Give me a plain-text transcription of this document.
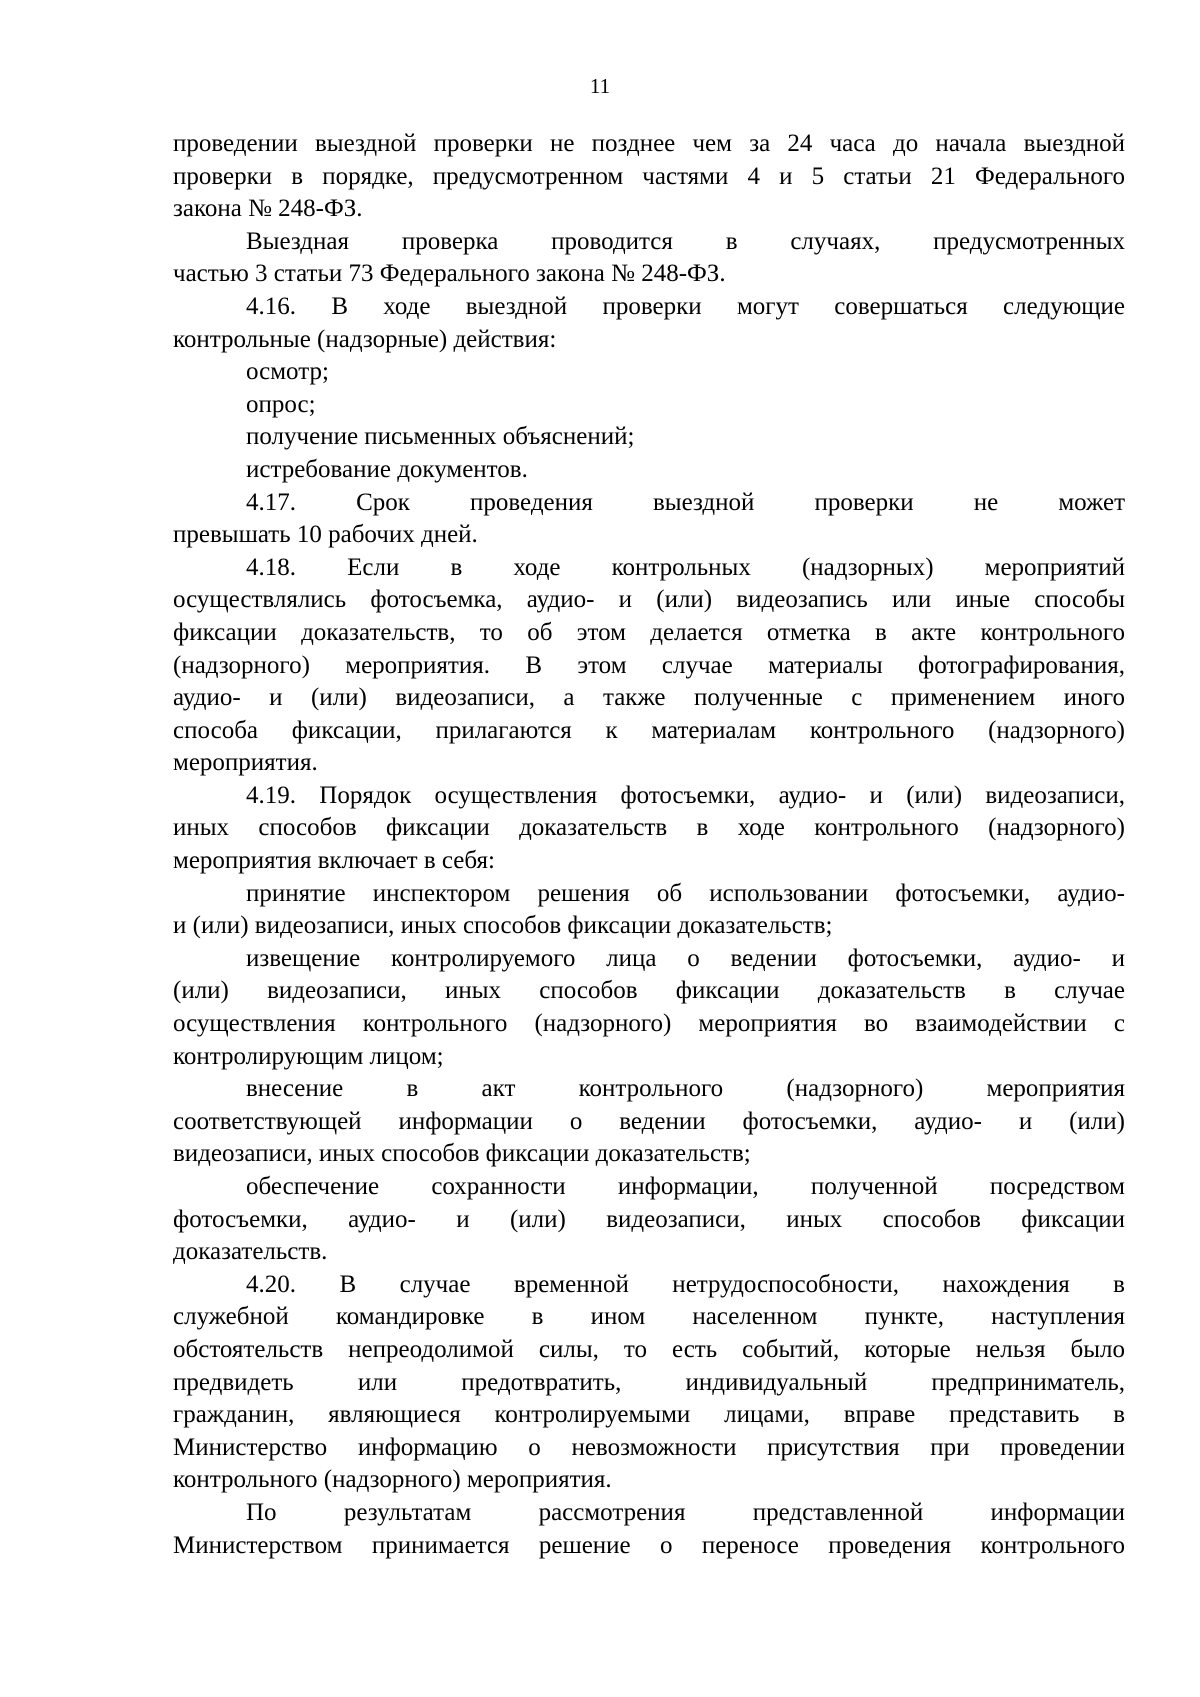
11
проведении выездной проверки не позднее чем за 24 часа до начала выездной
проверки в порядке, предусмотренном частями 4 и 5 статьи 21 Федерального
закона № 248-ФЗ.
Выездная проверка проводится в случаях, предусмотренных
частью 3 статьи 73 Федерального закона № 248-ФЗ.
4.16. В ходе выездной проверки могут совершаться следующие
контрольные (надзорные) действия:
осмотр;
опрос;
получение письменных объяснений;
истребование документов.
4.17. Срок проведения выездной проверки не может
превышать 10 рабочих дней.
4.18. Если в ходе контрольных (надзорных) мероприятий
осуществлялись фотосъемка, аудио- и (или) видеозапись или иные способы
фиксации доказательств, то об этом делается отметка в акте контрольного
(надзорного) мероприятия. В этом случае материалы фотографирования,
аудио- и (или) видеозаписи, а также полученные с применением иного
способа фиксации, прилагаются к материалам контрольного (надзорного)
мероприятия.
4.19. Порядок осуществления фотосъемки, аудио- и (или) видеозаписи,
иных способов фиксации доказательств в ходе контрольного (надзорного)
мероприятия включает в себя:
принятие инспектором решения об использовании фотосъемки, аудио-
и (или) видеозаписи, иных способов фиксации доказательств;
извещение контролируемого лица о ведении фотосъемки, аудио- и
(или) видеозаписи, иных способов фиксации доказательств в случае
осуществления контрольного (надзорного) мероприятия во взаимодействии с
контролирующим лицом;
внесение в акт контрольного (надзорного) мероприятия
соответствующей информации о ведении фотосъемки, аудио- и (или)
видеозаписи, иных способов фиксации доказательств;
обеспечение сохранности информации, полученной посредством
фотосъемки, аудио- и (или) видеозаписи, иных способов фиксации
доказательств.
4.20. В случае временной нетрудоспособности, нахождения в
служебной командировке в ином населенном пункте, наступления
обстоятельств непреодолимой силы, то есть событий, которые нельзя было
предвидеть или предотвратить, индивидуальный предприниматель,
гражданин, являющиеся контролируемыми лицами, вправе представить в
Министерство информацию о невозможности присутствия при проведении
контрольного (надзорного) мероприятия.
По результатам рассмотрения представленной информации
Министерством принимается решение о переносе проведения контрольного
